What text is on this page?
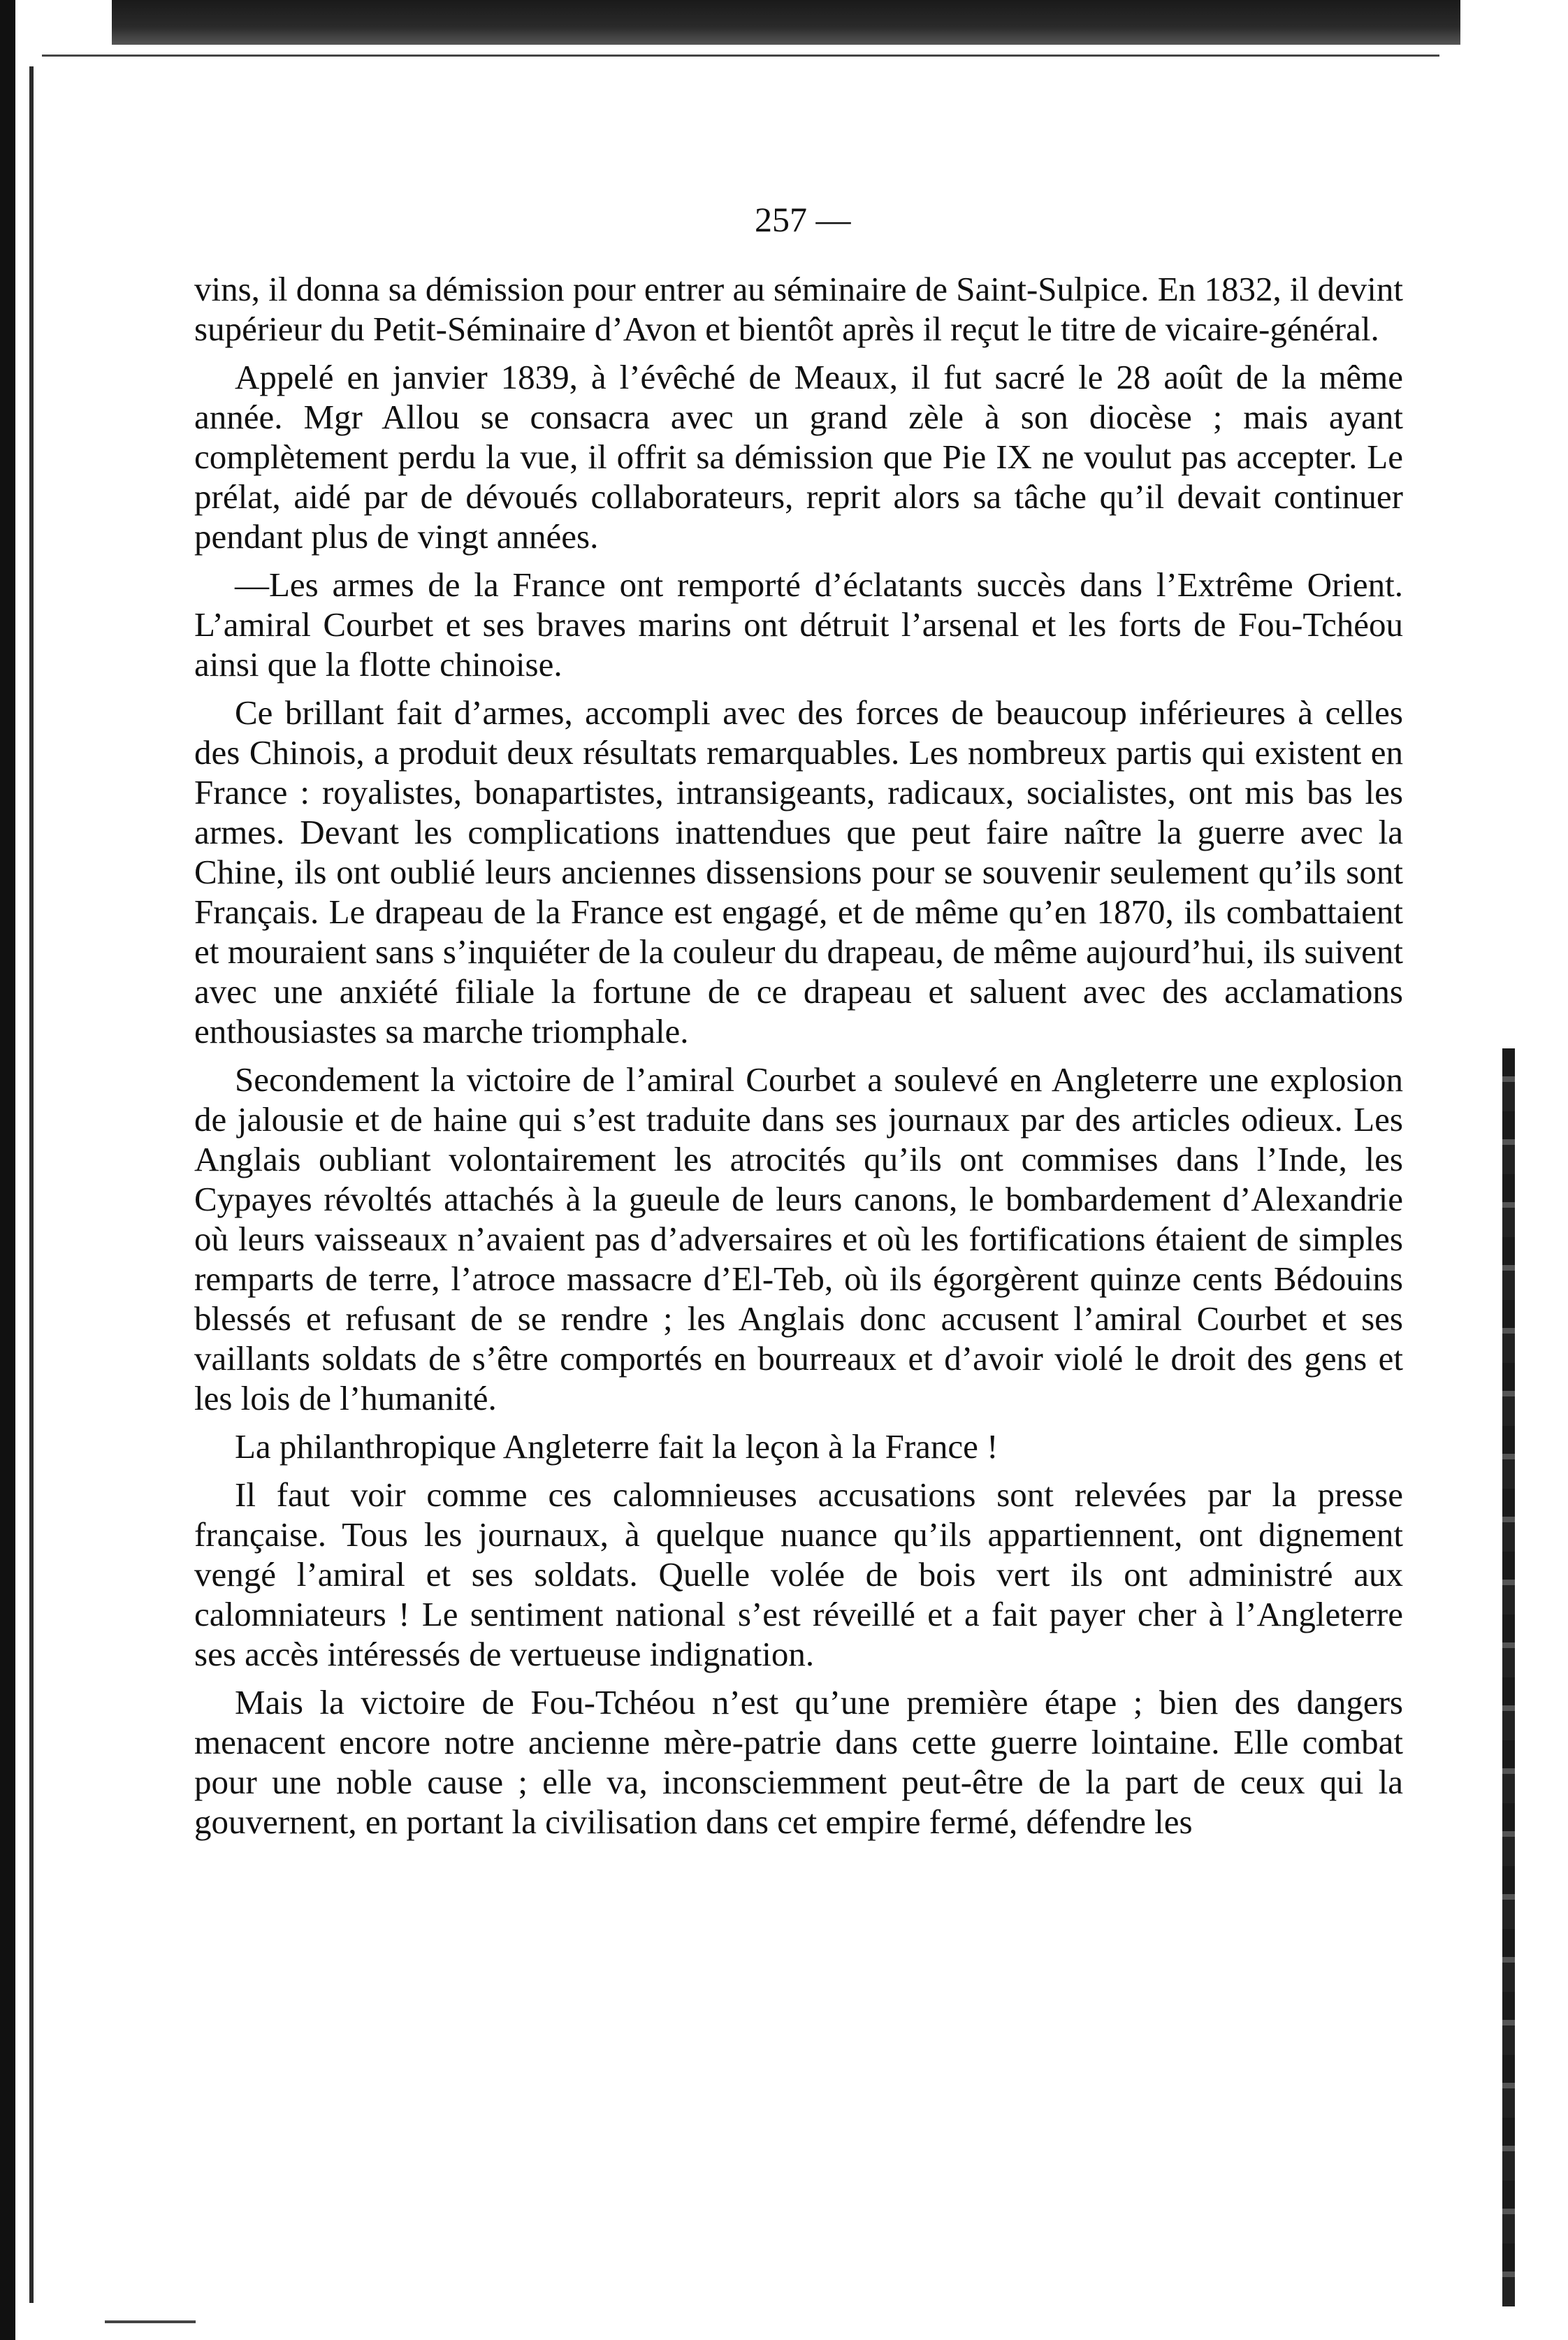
257 —

vins, il donna sa démission pour entrer au séminaire de Saint-Sulpice. En 1832, il devint supérieur du Petit-Séminaire d’Avon et bientôt après il reçut le titre de vicaire-général.

Appelé en janvier 1839, à l’évêché de Meaux, il fut sacré le 28 août de la même année. Mgr Allou se consacra avec un grand zèle à son diocèse ; mais ayant complètement perdu la vue, il offrit sa démission que Pie IX ne voulut pas accepter. Le prélat, aidé par de dévoués collaborateurs, reprit alors sa tâche qu’il devait continuer pendant plus de vingt années.

—Les armes de la France ont remporté d’éclatants succès dans l’Extrême Orient. L’amiral Courbet et ses braves marins ont détruit l’arsenal et les forts de Fou-Tchéou ainsi que la flotte chinoise.

Ce brillant fait d’armes, accompli avec des forces de beaucoup inférieures à celles des Chinois, a produit deux résultats remarquables. Les nombreux partis qui existent en France : royalistes, bonapartistes, intransigeants, radicaux, socialistes, ont mis bas les armes. Devant les complications inattendues que peut faire naître la guerre avec la Chine, ils ont oublié leurs anciennes dissensions pour se souvenir seulement qu’ils sont Français. Le drapeau de la France est engagé, et de même qu’en 1870, ils combattaient et mouraient sans s’inquiéter de la couleur du drapeau, de même aujourd’hui, ils suivent avec une anxiété filiale la fortune de ce drapeau et saluent avec des acclamations enthousiastes sa marche triomphale.

Secondement la victoire de l’amiral Courbet a soulevé en Angleterre une explosion de jalousie et de haine qui s’est traduite dans ses journaux par des articles odieux. Les Anglais oubliant volontairement les atrocités qu’ils ont commises dans l’Inde, les Cypayes révoltés attachés à la gueule de leurs canons, le bombardement d’Alexandrie où leurs vaisseaux n’avaient pas d’adversaires et où les fortifications étaient de simples remparts de terre, l’atroce massacre d’El-Teb, où ils égorgèrent quinze cents Bédouins blessés et refusant de se rendre ; les Anglais donc accusent l’amiral Courbet et ses vaillants soldats de s’être comportés en bourreaux et d’avoir violé le droit des gens et les lois de l’humanité.

La philanthropique Angleterre fait la leçon à la France !

Il faut voir comme ces calomnieuses accusations sont relevées par la presse française. Tous les journaux, à quelque nuance qu’ils appartiennent, ont dignement vengé l’amiral et ses soldats. Quelle volée de bois vert ils ont administré aux calomniateurs ! Le sentiment national s’est réveillé et a fait payer cher à l’Angleterre ses accès intéressés de vertueuse indignation.

Mais la victoire de Fou-Tchéou n’est qu’une première étape ; bien des dangers menacent encore notre ancienne mère-patrie dans cette guerre lointaine. Elle combat pour une noble cause ; elle va, inconsciemment peut-être de la part de ceux qui la gouvernent, en portant la civilisation dans cet empire fermé, défendre les
